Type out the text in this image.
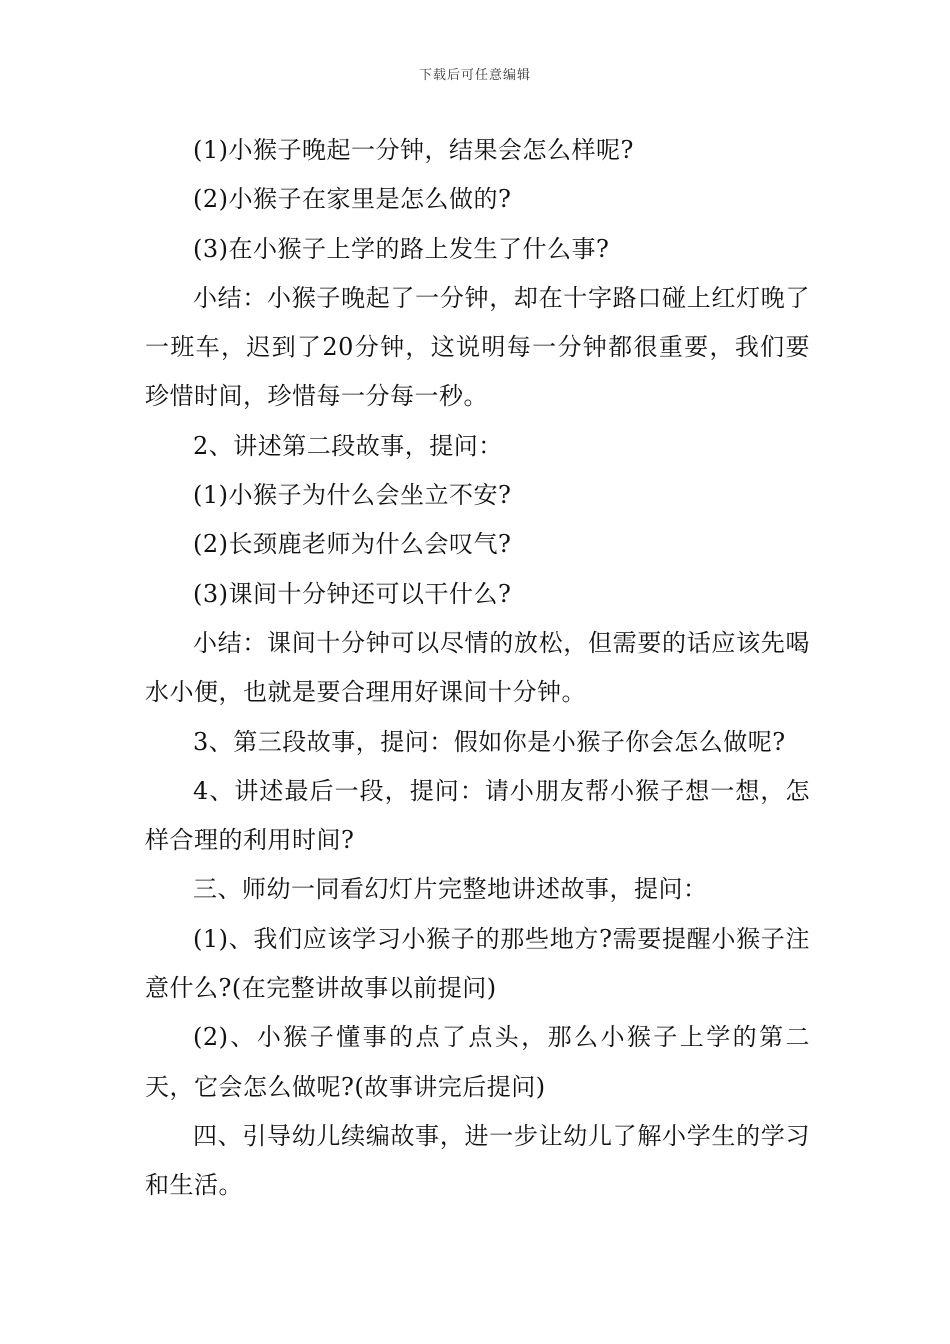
下载后可任意编辑

(1)小猴子晚起一分钟，结果会怎么样呢?

(2)小猴子在家里是怎么做的?

(3)在小猴子上学的路上发生了什么事?

小结：小猴子晚起了一分钟，却在十字路口碰上红灯晚了一班车，迟到了20分钟，这说明每一分钟都很重要，我们要珍惜时间，珍惜每一分每一秒。

2、讲述第二段故事，提问：

(1)小猴子为什么会坐立不安?

(2)长颈鹿老师为什么会叹气?

(3)课间十分钟还可以干什么?

小结：课间十分钟可以尽情的放松，但需要的话应该先喝水小便，也就是要合理用好课间十分钟。

3、第三段故事，提问：假如你是小猴子你会怎么做呢?

4、讲述最后一段，提问：请小朋友帮小猴子想一想，怎样合理的利用时间?

三、师幼一同看幻灯片完整地讲述故事，提问：

(1)、我们应该学习小猴子的那些地方?需要提醒小猴子注意什么?(在完整讲故事以前提问)

(2)、小猴子懂事的点了点头，那么小猴子上学的第二天，它会怎么做呢?(故事讲完后提问)

四、引导幼儿续编故事，进一步让幼儿了解小学生的学习和生活。
